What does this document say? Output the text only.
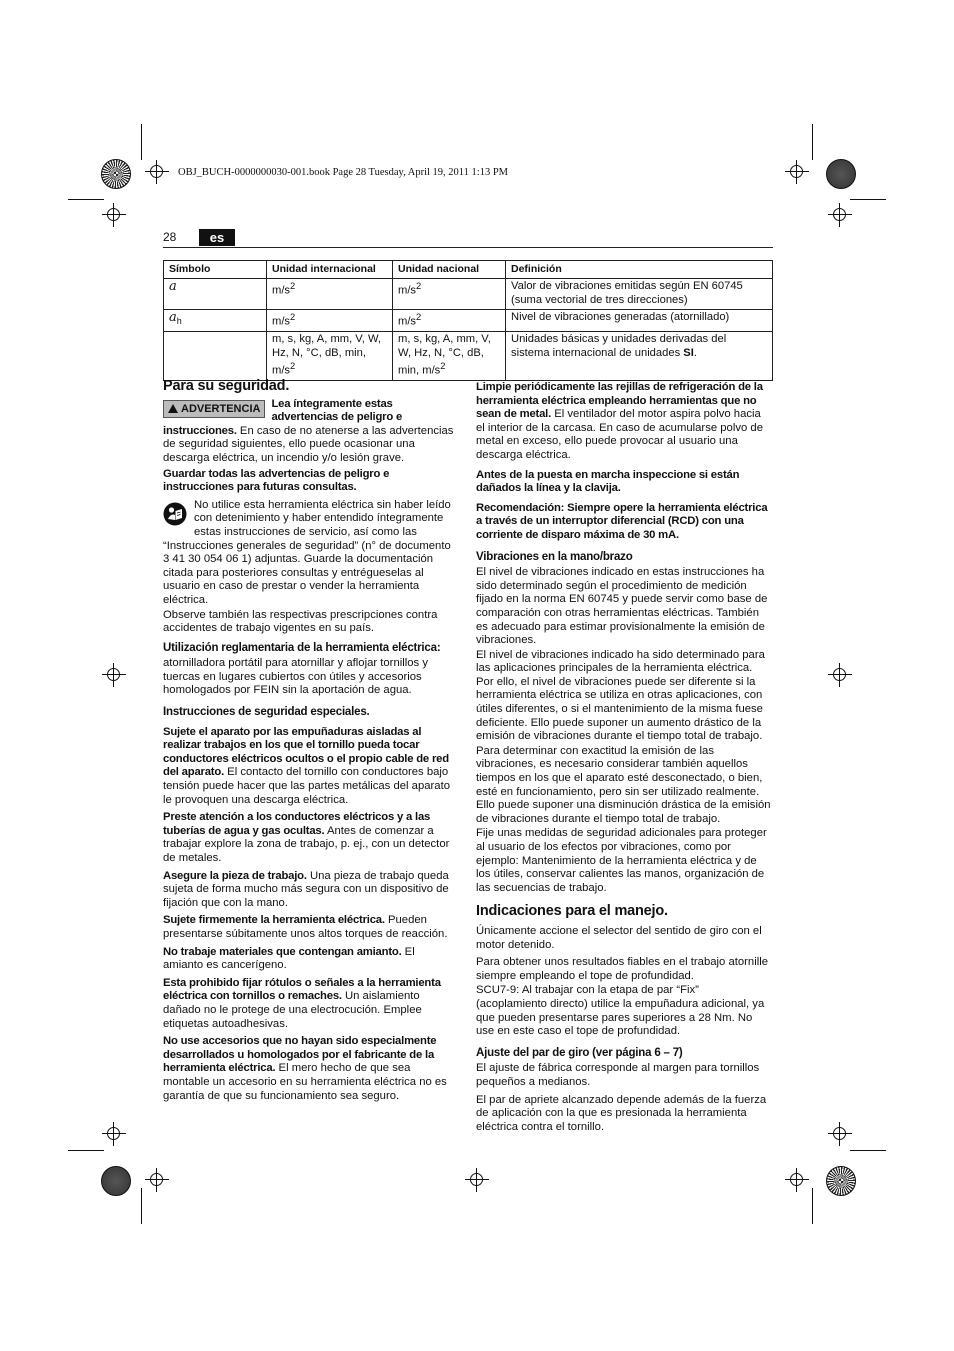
OBJ_BUCH-0000000030-001.book Page 28 Tuesday, April 19, 2011 1:13 PM
28	es
Símbolo	Unidad internacional	Unidad nacional	Definición
a	$m/s^2$	$m/s^2$	Valor de vibraciones emitidas según EN 60745 (suma vectorial de tres direcciones)
$a_h$	$m/s^2$	$m/s^2$	Nivel de vibraciones generadas (atornillado)
	m, s, kg, A, mm, V, W, Hz, N, °C, dB, min, $m/s^2$	m, s, kg, A, mm, V, W, Hz, N, °C, dB, min, $m/s^2$	Unidades básicas y unidades derivadas del sistema internacional de unidades SI.
Para su seguridad.

ADVERTENCIA Lea íntegramente estas advertencias de peligro e instrucciones. En caso de no atenerse a las advertencias de seguridad siguientes, ello puede ocasionar una descarga eléctrica, un incendio y/o lesión grave.

Guardar todas las advertencias de peligro e instrucciones para futuras consultas.

No utilice esta herramienta eléctrica sin haber leído con detenimiento y haber entendido íntegramente estas instrucciones de servicio, así como las “Instrucciones generales de seguridad” (n° de documento 3 41 30 054 06 1) adjuntas. Guarde la documentación citada para posteriores consultas y entrégueselas al usuario en caso de prestar o vender la herramienta eléctrica.

Observe también las respectivas prescripciones contra accidentes de trabajo vigentes en su país.

Utilización reglamentaria de la herramienta eléctrica:

atornilladora portátil para atornillar y aflojar tornillos y tuercas en lugares cubiertos con útiles y accesorios homologados por FEIN sin la aportación de agua.

Instrucciones de seguridad especiales.

Sujete el aparato por las empuñaduras aisladas al realizar trabajos en los que el tornillo pueda tocar conductores eléctricos ocultos o el propio cable de red del aparato. El contacto del tornillo con conductores bajo tensión puede hacer que las partes metálicas del aparato le provoquen una descarga eléctrica.

Preste atención a los conductores eléctricos y a las tuberías de agua y gas ocultas. Antes de comenzar a trabajar explore la zona de trabajo, p. ej., con un detector de metales.

Asegure la pieza de trabajo. Una pieza de trabajo queda sujeta de forma mucho más segura con un dispositivo de fijación que con la mano.

Sujete firmemente la herramienta eléctrica. Pueden presentarse súbitamente unos altos torques de reacción.

No trabaje materiales que contengan amianto. El amianto es cancerígeno.

Esta prohibido fijar rótulos o señales a la herramienta eléctrica con tornillos o remaches. Un aislamiento dañado no le protege de una electrocución. Emplee etiquetas autoadhesivas.

No use accesorios que no hayan sido especialmente desarrollados u homologados por el fabricante de la herramienta eléctrica. El mero hecho de que sea montable un accesorio en su herramienta eléctrica no es garantía de que su funcionamiento sea seguro.

Limpie periódicamente las rejillas de refrigeración de la herramienta eléctrica empleando herramientas que no sean de metal. El ventilador del motor aspira polvo hacia el interior de la carcasa. En caso de acumularse polvo de metal en exceso, ello puede provocar al usuario una descarga eléctrica.

Antes de la puesta en marcha inspeccione si están dañados la línea y la clavija.

Recomendación: Siempre opere la herramienta eléctrica a través de un interruptor diferencial (RCD) con una corriente de disparo máxima de 30 mA.

Vibraciones en la mano/brazo

El nivel de vibraciones indicado en estas instrucciones ha sido determinado según el procedimiento de medición fijado en la norma EN 60745 y puede servir como base de comparación con otras herramientas eléctricas. También es adecuado para estimar provisionalmente la emisión de vibraciones.

El nivel de vibraciones indicado ha sido determinado para las aplicaciones principales de la herramienta eléctrica. Por ello, el nivel de vibraciones puede ser diferente si la herramienta eléctrica se utiliza en otras aplicaciones, con útiles diferentes, o si el mantenimiento de la misma fuese deficiente. Ello puede suponer un aumento drástico de la emisión de vibraciones durante el tiempo total de trabajo.

Para determinar con exactitud la emisión de las vibraciones, es necesario considerar también aquellos tiempos en los que el aparato esté desconectado, o bien, esté en funcionamiento, pero sin ser utilizado realmente. Ello puede suponer una disminución drástica de la emisión de vibraciones durante el tiempo total de trabajo.

Fije unas medidas de seguridad adicionales para proteger al usuario de los efectos por vibraciones, como por ejemplo: Mantenimiento de la herramienta eléctrica y de los útiles, conservar calientes las manos, organización de las secuencias de trabajo.

Indicaciones para el manejo.

Únicamente accione el selector del sentido de giro con el motor detenido.

Para obtener unos resultados fiables en el trabajo atornille siempre empleando el tope de profundidad.

SCU7-9: Al trabajar con la etapa de par “Fix” (acoplamiento directo) utilice la empuñadura adicional, ya que pueden presentarse pares superiores a 28 Nm. No use en este caso el tope de profundidad.

Ajuste del par de giro (ver página 6 – 7)

El ajuste de fábrica corresponde al margen para tornillos pequeños a medianos.

El par de apriete alcanzado depende además de la fuerza de aplicación con la que es presionada la herramienta eléctrica contra el tornillo.
